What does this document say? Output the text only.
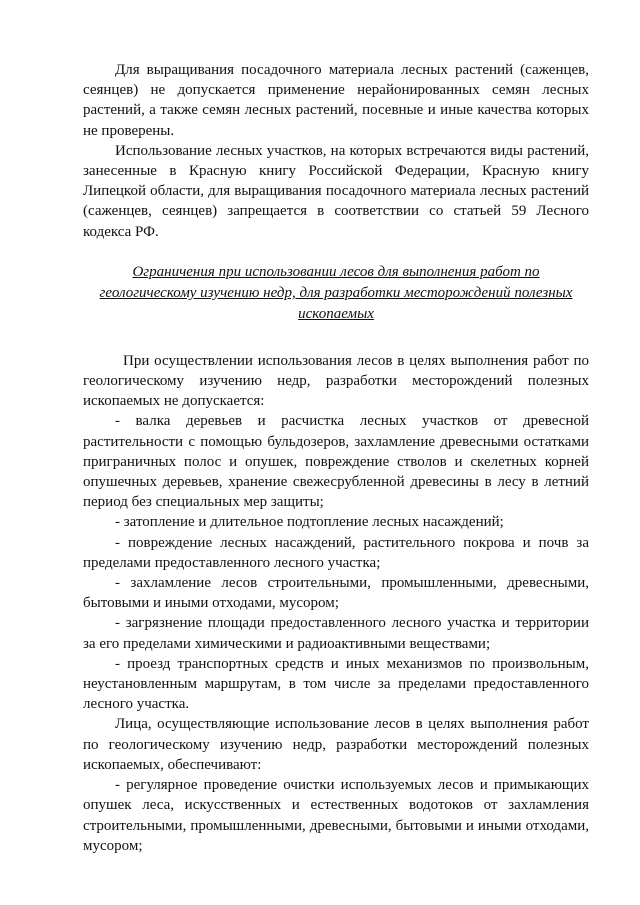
Для выращивания посадочного материала лесных растений (саженцев, сеянцев) не допускается применение нерайонированных семян лесных растений, а также семян лесных растений, посевные и иные качества которых не проверены.

Использование лесных участков, на которых встречаются виды растений, занесенные в Красную книгу Российской Федерации, Красную книгу Липецкой области, для выращивания посадочного материала лесных растений (саженцев, сеянцев) запрещается в соответствии со статьей 59 Лесного кодекса РФ.

Ограничения при использовании лесов для выполнения работ по
геологическому изучению недр, для разработки месторождений полезных
ископаемых

При осуществлении использования лесов в целях выполнения работ по геологическому изучению недр, разработки месторождений полезных ископаемых не допускается:

- валка деревьев и расчистка лесных участков от древесной растительности с помощью бульдозеров, захламление древесными остатками приграничных полос и опушек, повреждение стволов и скелетных корней опушечных деревьев, хранение свежесрубленной древесины в лесу в летний период без специальных мер защиты;

- затопление и длительное подтопление лесных насаждений;

- повреждение лесных насаждений, растительного покрова и почв за пределами предоставленного лесного участка;

- захламление лесов строительными, промышленными, древесными, бытовыми и иными отходами, мусором;

- загрязнение площади предоставленного лесного участка и территории за его пределами химическими и радиоактивными веществами;

- проезд транспортных средств и иных механизмов по произвольным, неустановленным маршрутам, в том числе за пределами предоставленного лесного участка.

Лица, осуществляющие использование лесов в целях выполнения работ по геологическому изучению недр, разработки месторождений полезных ископаемых, обеспечивают:

- регулярное проведение очистки используемых лесов и примыкающих опушек леса, искусственных и естественных водотоков от захламления строительными, промышленными, древесными, бытовыми и иными отходами, мусором;
